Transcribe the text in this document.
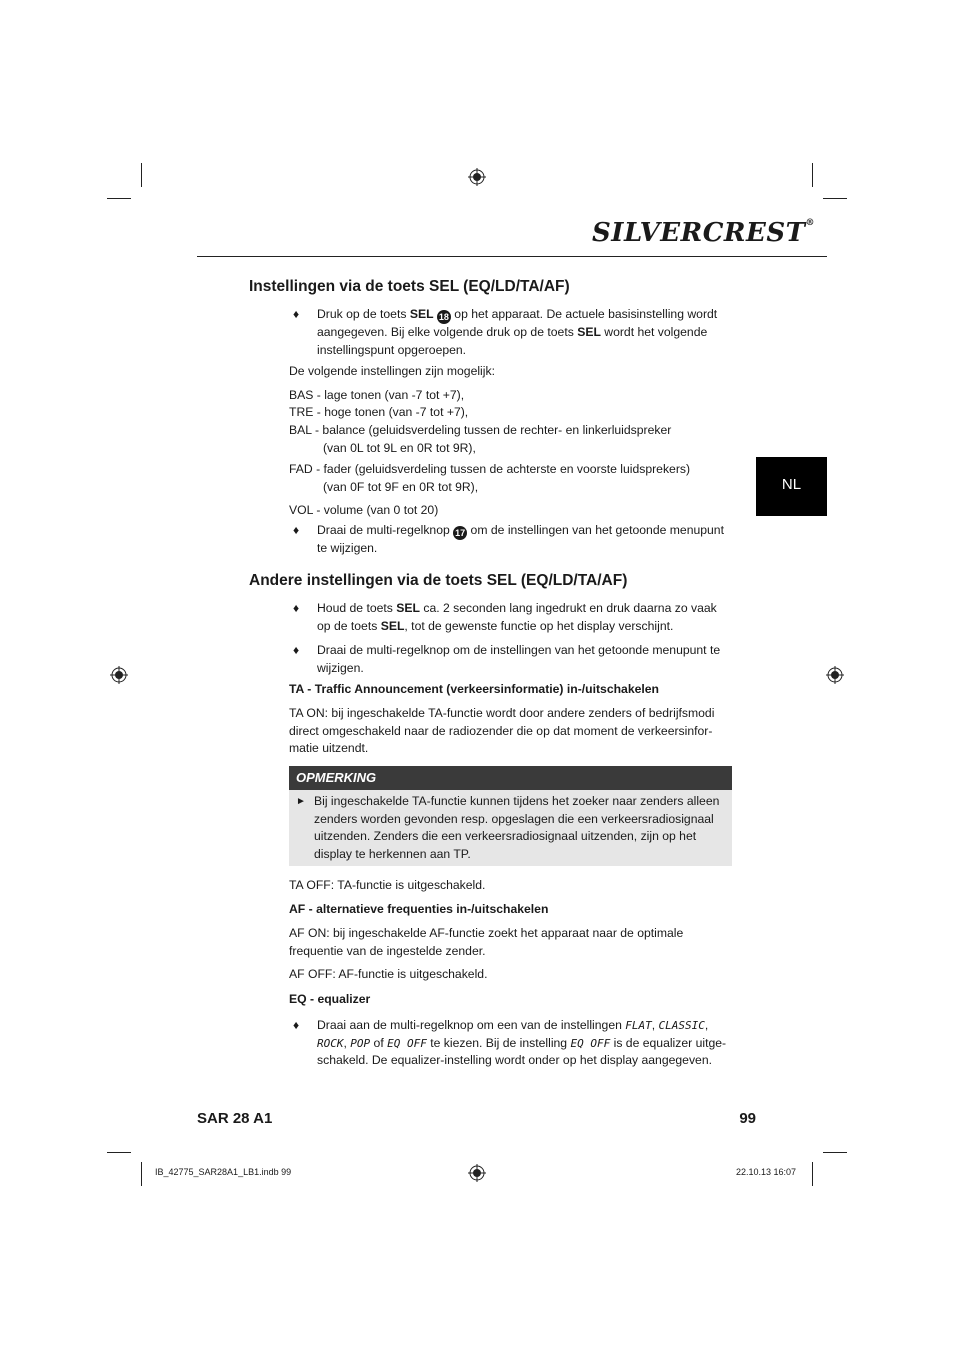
SILVERCREST®
NL
Instellingen via de toets SEL (EQ/LD/TA/AF)
♦ Druk op de toets SEL 18 op het apparaat. De actuele basisinstelling wordt aangegeven. Bij elke volgende druk op de toets SEL wordt het volgende instellingspunt opgeroepen.

De volgende instellingen zijn mogelijk:

BAS - lage tonen (van -7 tot +7),
TRE - hoge tonen (van -7 tot +7),
BAL - balance (geluidsverdeling tussen de rechter- en linkerluidspreker
(van 0L tot 9L en 0R tot 9R),
FAD - fader (geluidsverdeling tussen de achterste en voorste luidsprekers)
(van 0F tot 9F en 0R tot 9R),
VOL - volume (van 0 tot 20)
♦ Draai de multi-regelknop 17 om de instellingen van het getoonde menupunt te wijzigen.
Andere instellingen via de toets SEL (EQ/LD/TA/AF)
♦ Houd de toets SEL ca. 2 seconden lang ingedrukt en druk daarna zo vaak op de toets SEL, tot de gewenste functie op het display verschijnt.
♦ Draai de multi-regelknop om de instellingen van het getoonde menupunt te wijzigen.

TA - Traffic Announcement (verkeersinformatie) in-/uitschakelen

TA ON: bij ingeschakelde TA-functie wordt door andere zenders of bedrijfsmodi direct omgeschakeld naar de radiozender die op dat moment de verkeersinfor-matie uitzendt.

OPMERKING
► Bij ingeschakelde TA-functie kunnen tijdens het zoeker naar zenders alleen zenders worden gevonden resp. opgeslagen die een verkeersradiosignaal uitzenden. Zenders die een verkeersradiosignaal uitzenden, zijn op het display te herkennen aan TP.

TA OFF: TA-functie is uitgeschakeld.

AF - alternatieve frequenties in-/uitschakelen

AF ON: bij ingeschakelde AF-functie zoekt het apparaat naar de optimale frequentie van de ingestelde zender.

AF OFF: AF-functie is uitgeschakeld.

EQ - equalizer

♦ Draai aan de multi-regelknop om een van de instellingen FLAT, CLASSIC, ROCK, POP of EQ OFF te kiezen. Bij de instelling EQ OFF is de equalizer uitge-schakeld. De equalizer-instelling wordt onder op het display aangegeven.
SAR 28 A1	99
IB_42775_SAR28A1_LB1.indb 99	22.10.13 16:07
